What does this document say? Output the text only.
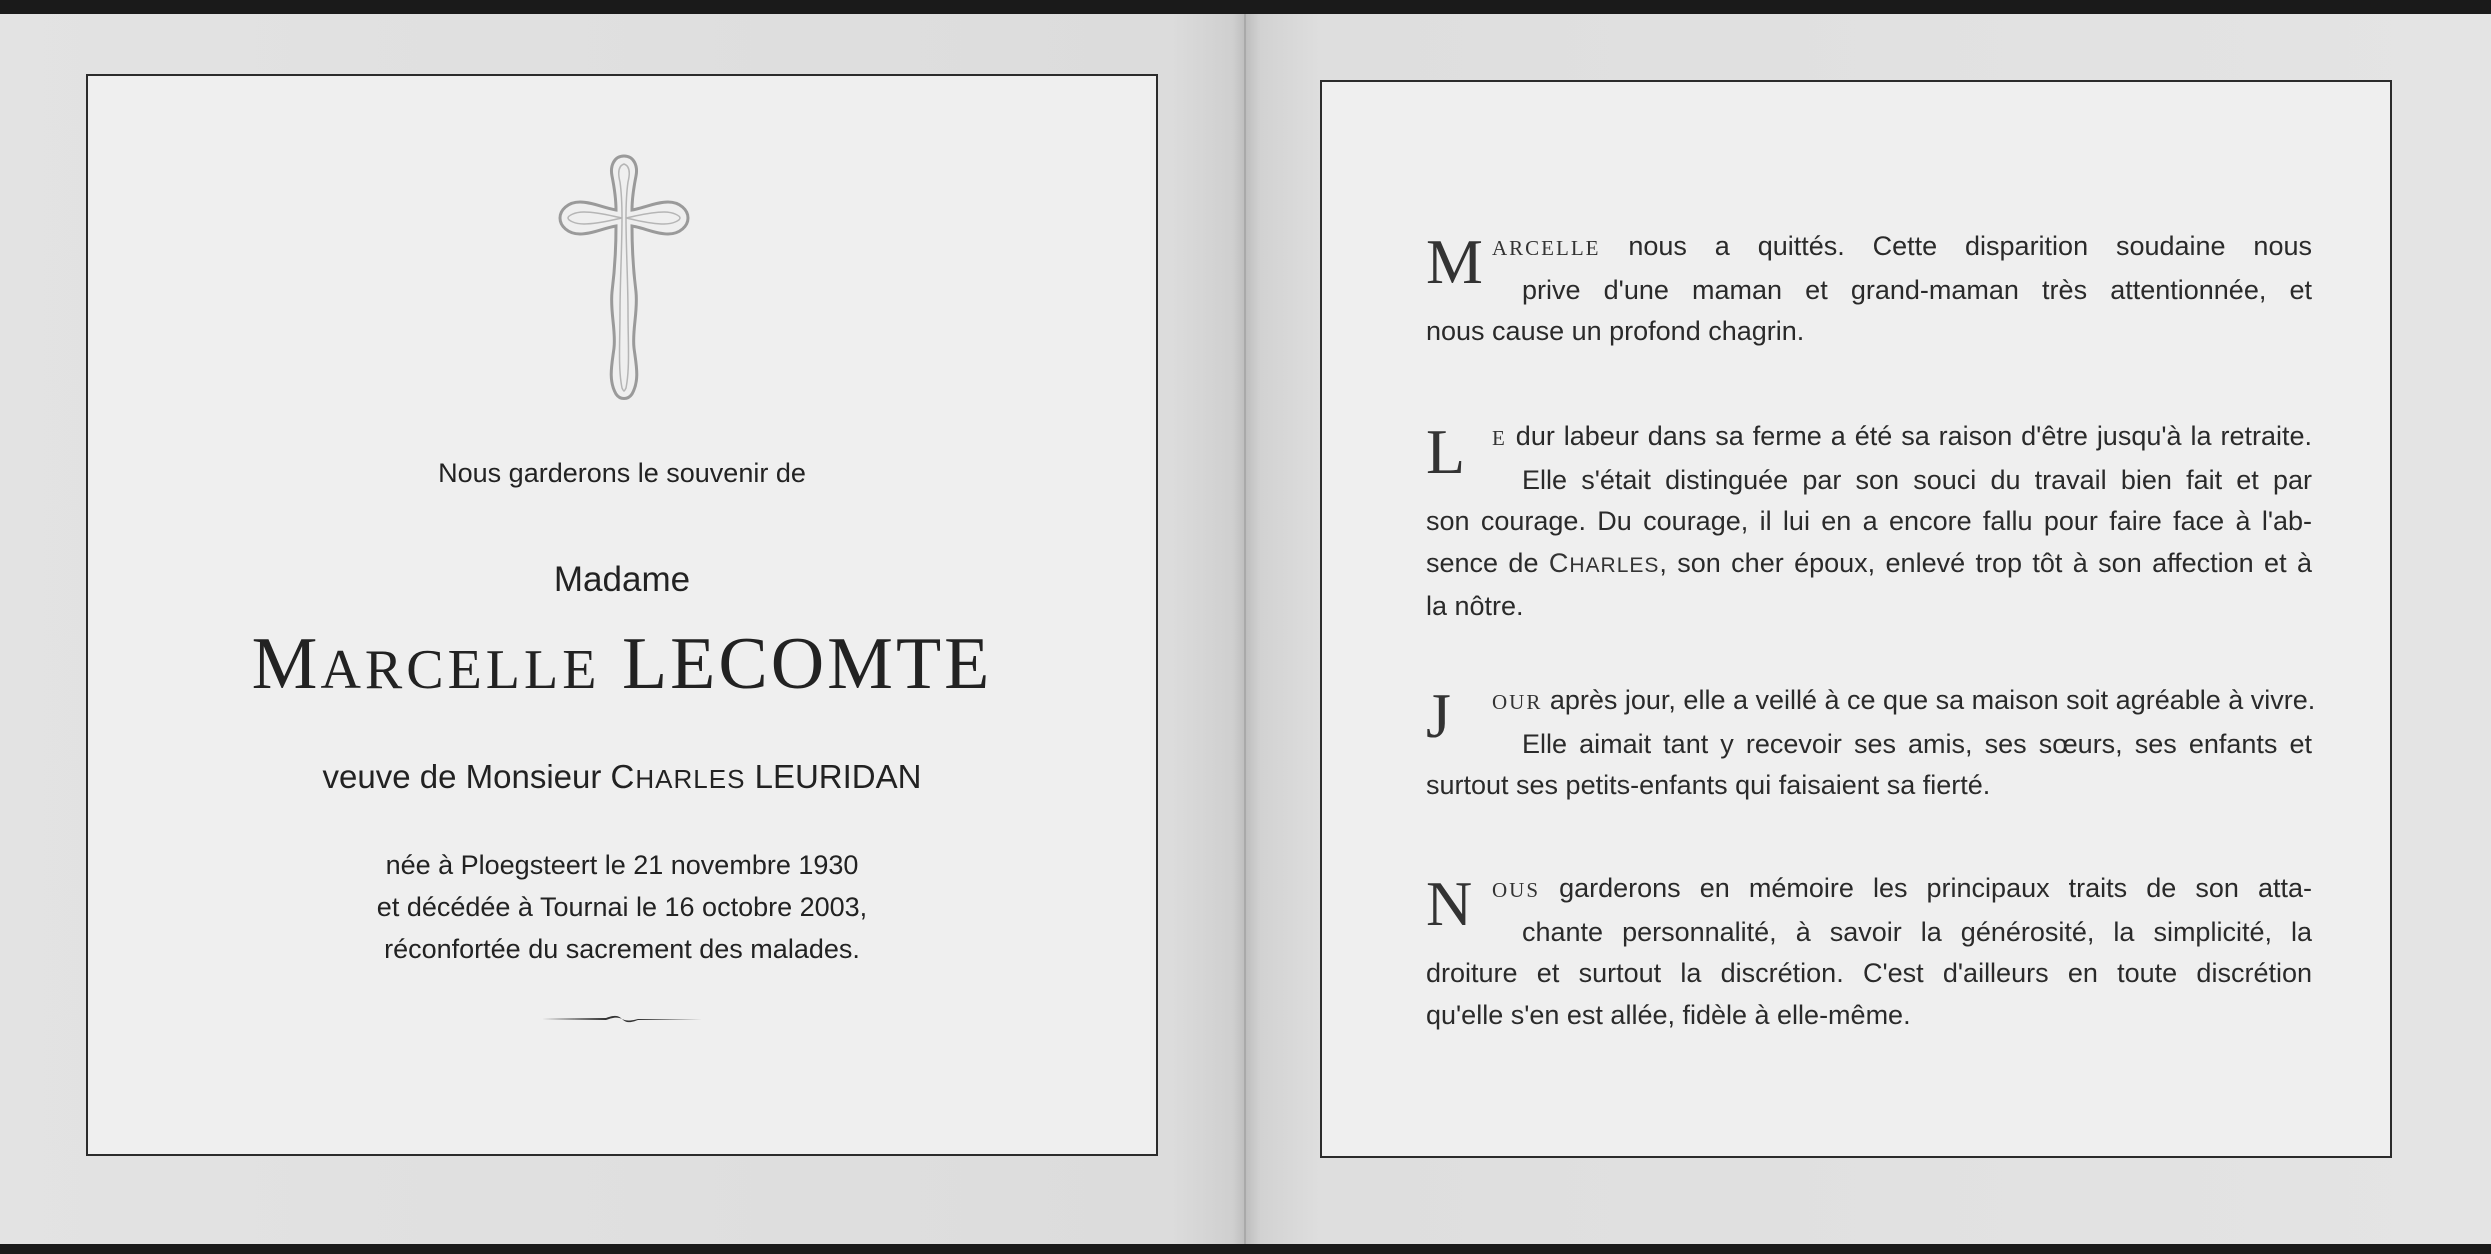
Nous garderons le souvenir de
Madame
MARCELLE LECOMTE
veuve de Monsieur CHARLES LEURIDAN
née à Ploegsteert le 21 novembre 1930
et décédée à Tournai le 16 octobre 2003,
réconfortée du sacrement des malades.
M ARCELLE nous a quittés. Cette disparition soudaine nous
prive d'une maman et grand-maman très attentionnée, et
nous cause un profond chagrin.
L	E dur labeur dans sa ferme a été sa raison d'être jusqu'à la retraite.
Elle s'était distinguée par son souci du travail bien fait et par
son courage. Du courage, il lui en a encore fallu pour faire face à l'ab-
sence de CHARLES, son cher époux, enlevé trop tôt à son affection et à
la nôtre.
J	OUR après jour, elle a veillé à ce que sa maison soit agréable à vivre.
Elle aimait tant y recevoir ses amis, ses sœurs, ses enfants et
surtout ses petits-enfants qui faisaient sa fierté.
N OUS garderons en mémoire les principaux traits de son atta-
chante personnalité, à savoir la générosité, la simplicité, la
droiture et surtout la discrétion. C'est d'ailleurs en toute discrétion
qu'elle s'en est allée, fidèle à elle-même.
